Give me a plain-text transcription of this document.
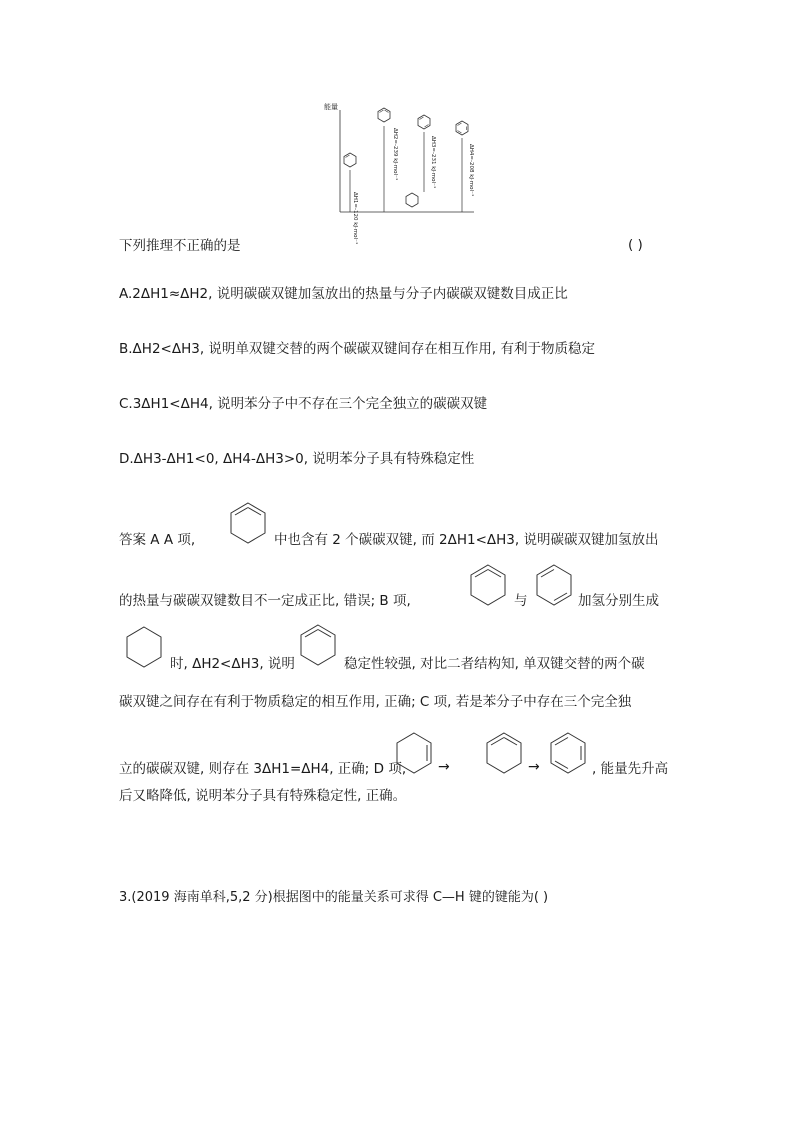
能量
ΔH1=-120 kJ·mol⁻¹
ΔH2=-239 kJ·mol⁻¹	ΔH3=-231 kJ·mol⁻¹	ΔH4=-208 kJ·mol⁻¹
下列推理不正确的是	( )
A.2ΔH1≈ΔH2, 说明碳碳双键加氢放出的热量与分子内碳碳双键数目成正比
B.ΔH2<ΔH3, 说明单双键交替的两个碳碳双键间存在相互作用, 有利于物质稳定
C.3ΔH1<ΔH4, 说明苯分子中不存在三个完全独立的碳碳双键
D.ΔH3-ΔH1<0, ΔH4-ΔH3>0, 说明苯分子具有特殊稳定性
答案 A A 项,	中也含有 2 个碳碳双键, 而 2ΔH1<ΔH3, 说明碳碳双键加氢放出
的热量与碳碳双键数目不一定成正比, 错误; B 项,	与	加氢分别生成
时, ΔH2<ΔH3, 说明	稳定性较强, 对比二者结构知, 单双键交替的两个碳
碳双键之间存在有利于物质稳定的相互作用, 正确; C 项, 若是苯分子中存在三个完全独
立的碳碳双键, 则存在 3ΔH1=ΔH4, 正确; D 项, →	→	, 能量先升高
后又略降低, 说明苯分子具有特殊稳定性, 正确。
3.(2019 海南单科,5,2 分)根据图中的能量关系可求得 C—H 键的键能为( )
